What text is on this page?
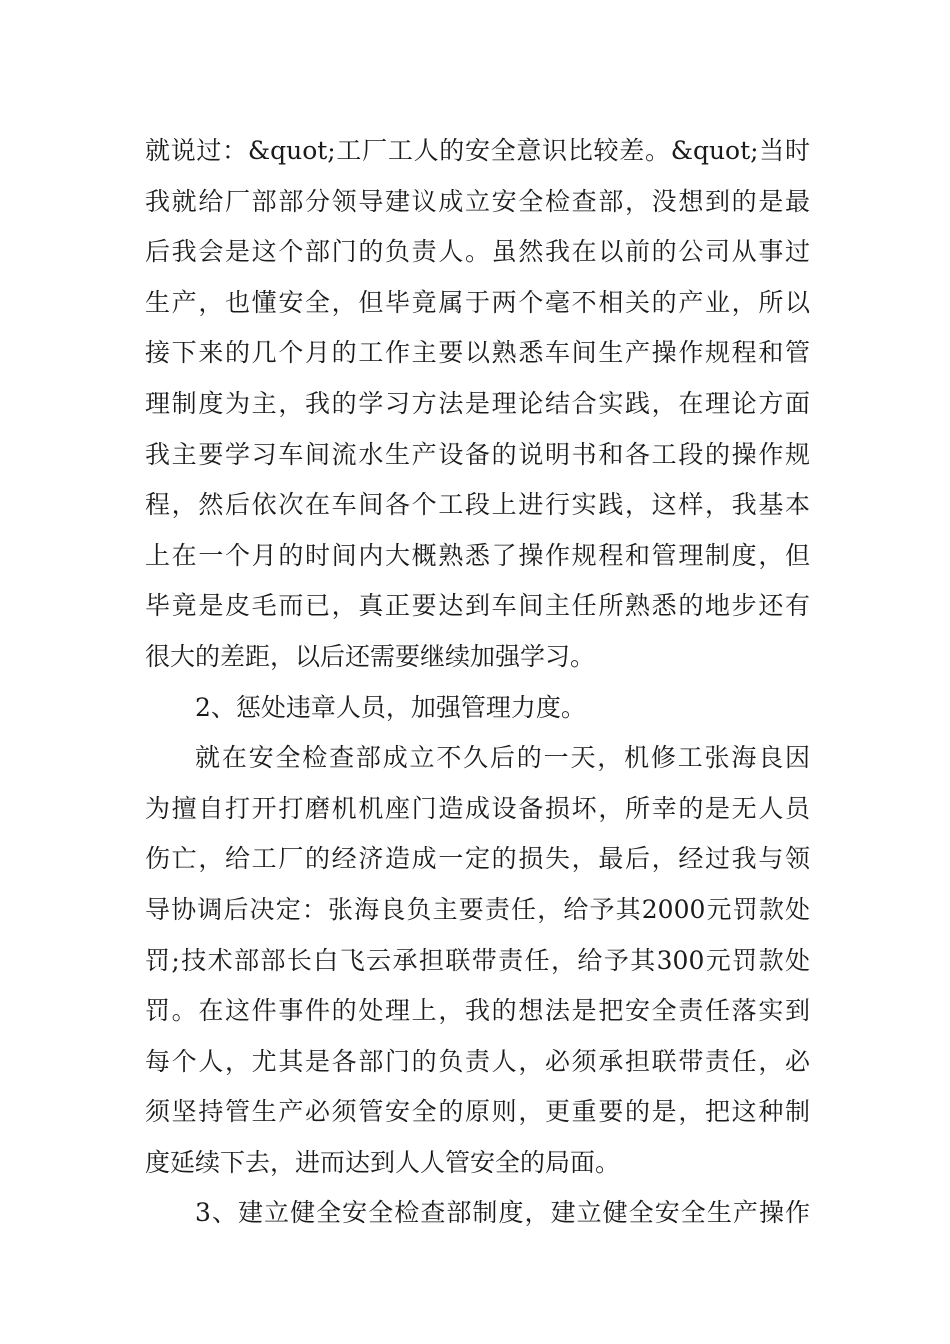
就说过：&quot;工厂工人的安全意识比较差。&quot;当时
我就给厂部部分领导建议成立安全检查部，没想到的是最
后我会是这个部门的负责人。虽然我在以前的公司从事过
生产，也懂安全，但毕竟属于两个毫不相关的产业，所以
接下来的几个月的工作主要以熟悉车间生产操作规程和管
理制度为主，我的学习方法是理论结合实践，在理论方面
我主要学习车间流水生产设备的说明书和各工段的操作规
程，然后依次在车间各个工段上进行实践，这样，我基本
上在一个月的时间内大概熟悉了操作规程和管理制度，但
毕竟是皮毛而已，真正要达到车间主任所熟悉的地步还有
很大的差距，以后还需要继续加强学习。
2、惩处违章人员，加强管理力度。
就在安全检查部成立不久后的一天，机修工张海良因
为擅自打开打磨机机座门造成设备损坏，所幸的是无人员
伤亡，给工厂的经济造成一定的损失，最后，经过我与领
导协调后决定：张海良负主要责任，给予其2000元罚款处
罚;技术部部长白飞云承担联带责任，给予其300元罚款处
罚。在这件事件的处理上，我的想法是把安全责任落实到
每个人，尤其是各部门的负责人，必须承担联带责任，必
须坚持管生产必须管安全的原则，更重要的是，把这种制
度延续下去，进而达到人人管安全的局面。
3、建立健全安全检查部制度，建立健全安全生产操作
